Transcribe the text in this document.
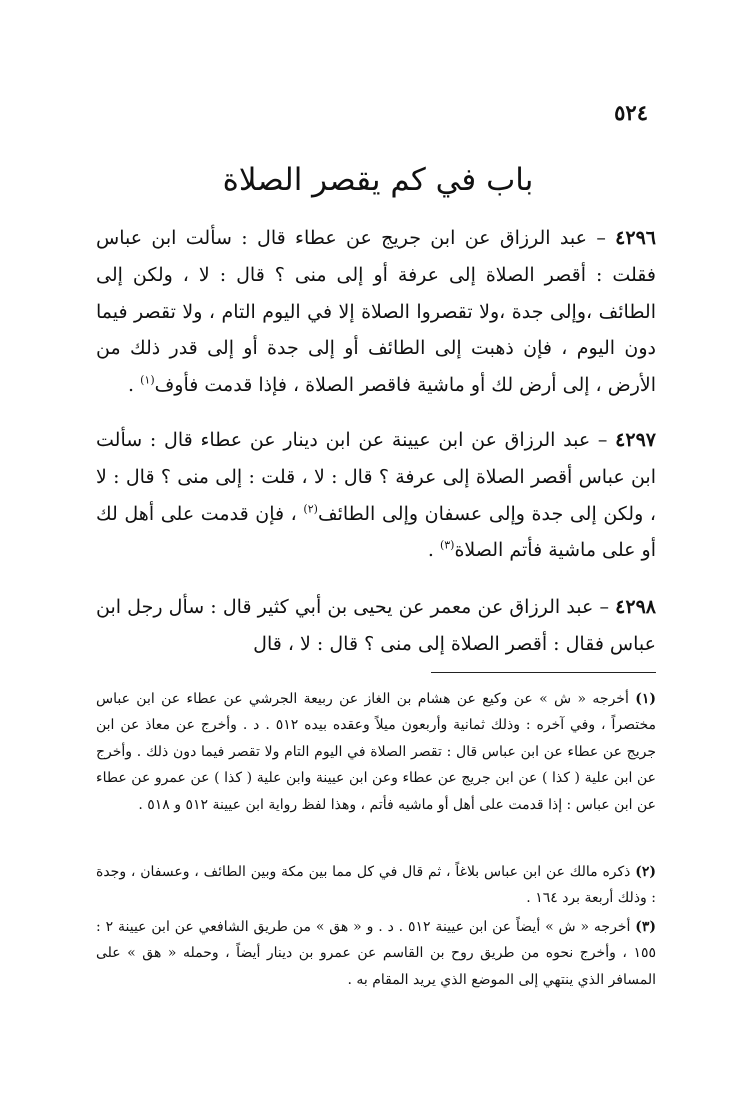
٥٢٤
باب في كم يقصر الصلاة

٤٢٩٦ – عبد الرزاق عن ابن جريج عن عطاء قال : سألت ابن عباس فقلت : أقصر الصلاة إلى عرفة أو إلى منى ؟ قال : لا ، ولكن إلى الطائف ،وإلى جدة ،ولا تقصروا الصلاة إلا في اليوم التام ، ولا تقصر فيما دون اليوم ، فإن ذهبت إلى الطائف أو إلى جدة أو إلى قدر ذلك من الأرض ، إلى أرض لك أو ماشية فاقصر الصلاة ، فإذا قدمت فأوف$^{(١)}$ .

٤٢٩٧ – عبد الرزاق عن ابن عيينة عن ابن دينار عن عطاء قال : سألت ابن عباس أقصر الصلاة إلى عرفة ؟ قال : لا ، قلت : إلى منى ؟ قال : لا ، ولكن إلى جدة وإلى عسفان وإلى الطائف$^{(٢)}$ ، فإن قدمت على أهل لك أو على ماشية فأتم الصلاة$^{(٣)}$ .

٤٢٩٨ – عبد الرزاق عن معمر عن يحيى بن أبي كثير قال : سأل رجل ابن عباس فقال : أقصر الصلاة إلى منى ؟ قال : لا ، قال

(١) أخرجه « ش » عن وكيع عن هشام بن الغاز عن ربيعة الجرشي عن عطاء عن ابن عباس مختصراً ، وفي آخره : وذلك ثمانية وأربعون ميلاً وعقده بيده ٥١٢ . د . وأخرج عن معاذ عن ابن جريج عن عطاء عن ابن عباس قال : تقصر الصلاة في اليوم التام ولا تقصر فيما دون ذلك . وأخرج عن ابن علية ( كذا ) عن ابن جريج عن عطاء وعن ابن عيينة وابن علية ( كذا ) عن عمرو عن عطاء عن ابن عباس : إذا قدمت على أهل أو ماشيه فأتم ، وهذا لفظ رواية ابن عيينة ٥١٢ و ٥١٨ .

(٢) ذكره مالك عن ابن عباس بلاغاً ، ثم قال في كل مما بين مكة وبين الطائف ، وعسفان ، وجدة : وذلك أربعة برد ١٦٤ .

(٣) أخرجه « ش » أيضاً عن ابن عيينة ٥١٢ . د . و « هق » من طريق الشافعي عن ابن عيينة ٢ : ١٥٥ ، وأخرج نحوه من طريق روح بن القاسم عن عمرو بن دينار أيضاً ، وحمله « هق » على المسافر الذي ينتهي إلى الموضع الذي يريد المقام به .
